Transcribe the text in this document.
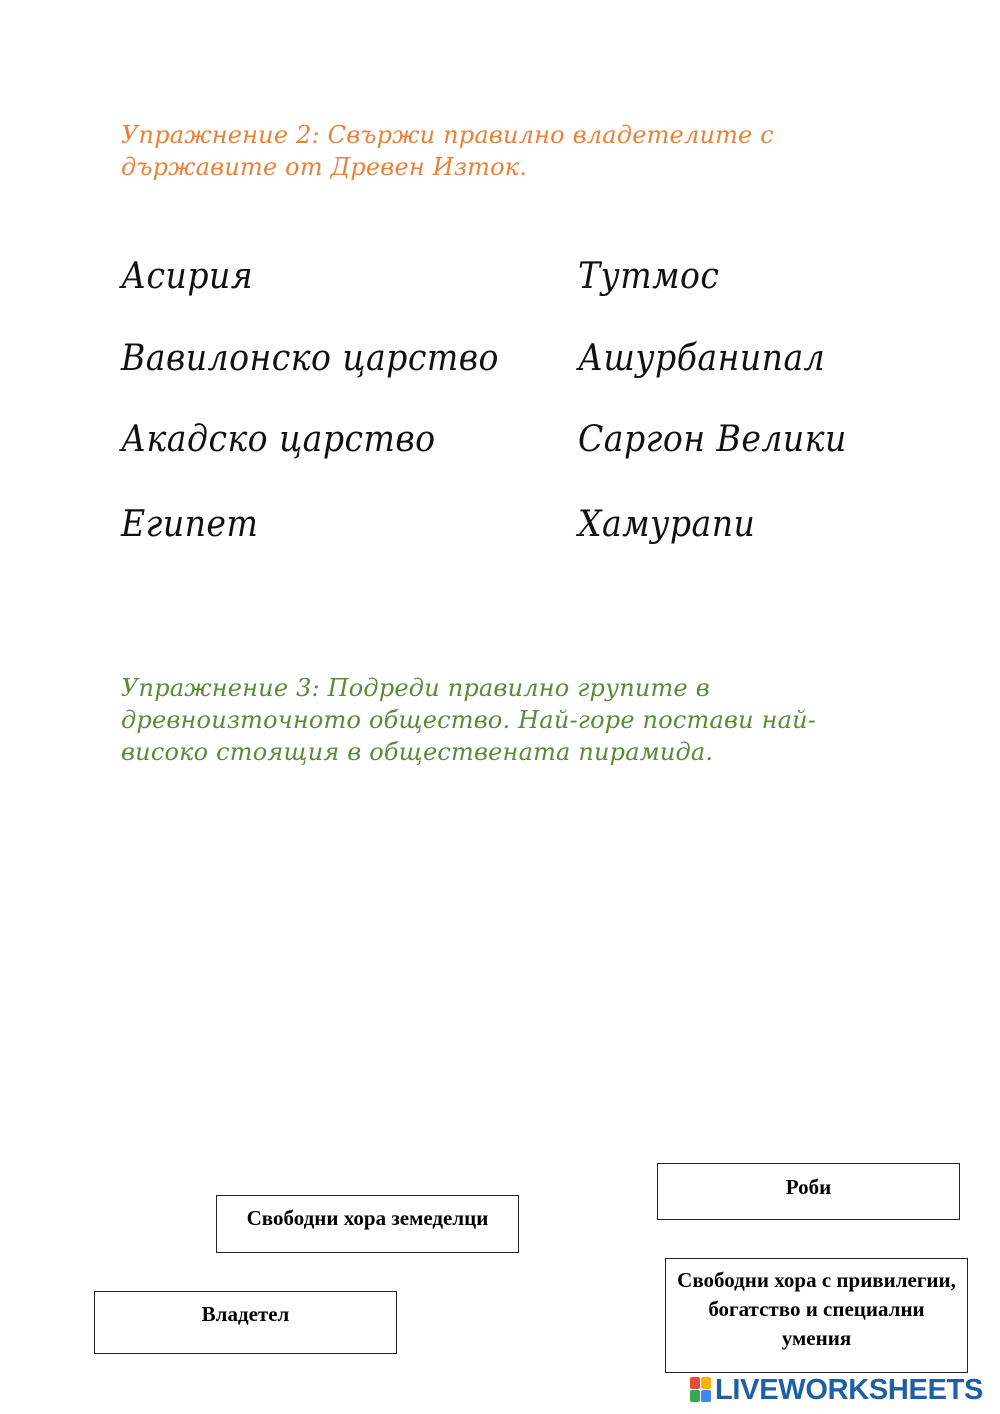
Упражнение 2: Свържи правилно владетелите с държавите от Древен Изток.
Асирия
Вавилонско царство
Акадско царство
Египет
Тутмос
Ашурбанипал
Саргон Велики
Хамурапи
Упражнение 3: Подреди правилно групите в древноизточното общество. Най-горе постави най-високо стоящия в обществената пирамида.
Роби
Свободни хора земеделци
Владетел
Свободни хора с привилегии, богатство и специални умения
LIVEWORKSHEETS
